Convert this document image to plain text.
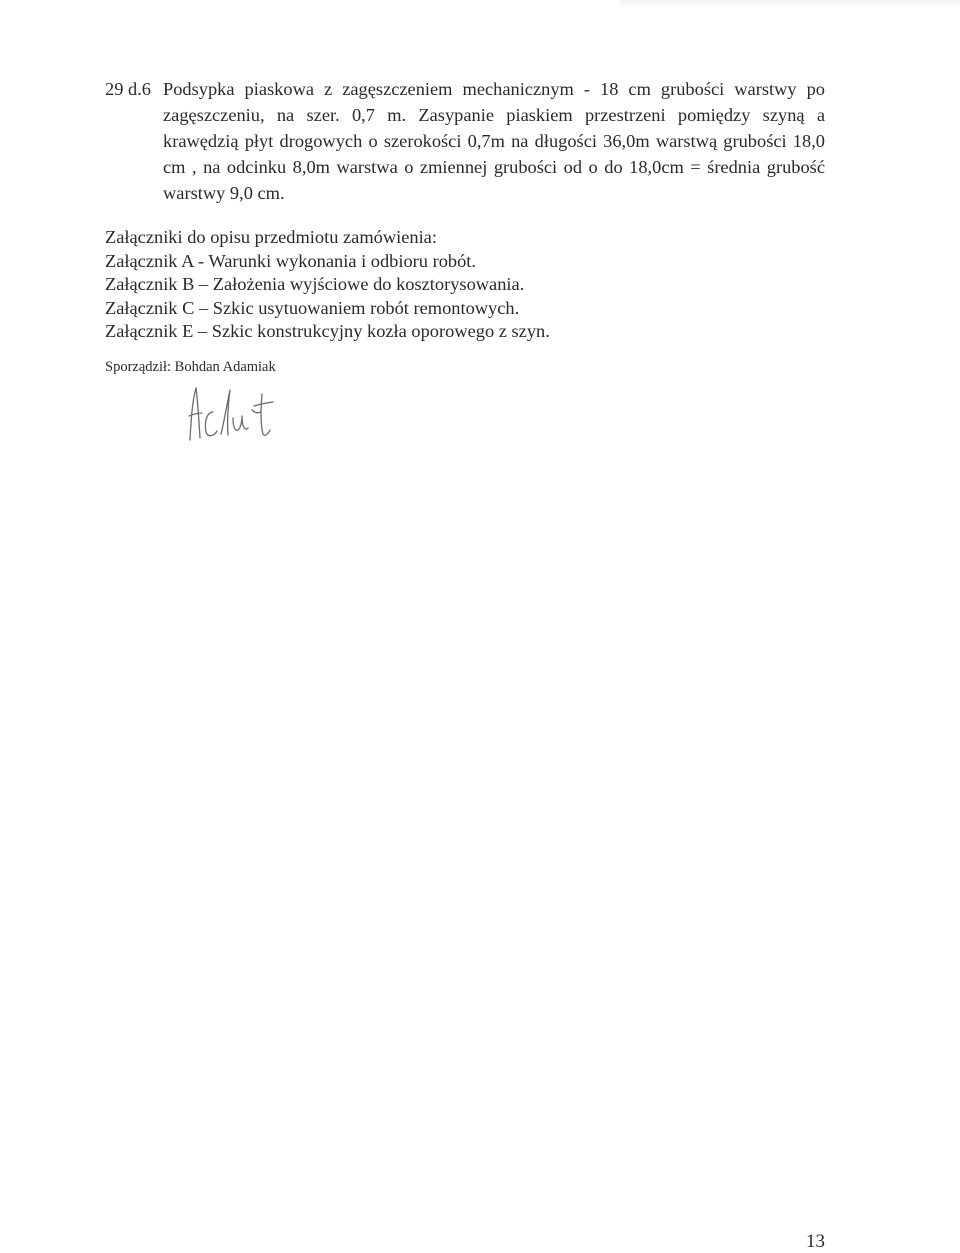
29 d.6 Podsypka piaskowa z zagęszczeniem mechanicznym - 18 cm grubości warstwy po zagęszczeniu, na szer. 0,7 m. Zasypanie piaskiem przestrzeni pomiędzy szyną a krawędzią płyt drogowych o szerokości 0,7m na długości 36,0m warstwą grubości 18,0 cm , na odcinku 8,0m warstwa o zmiennej grubości od o do 18,0cm = średnia grubość warstwy 9,0 cm.
Załączniki do opisu przedmiotu zamówienia:
Załącznik A - Warunki wykonania i odbioru robót.
Załącznik B – Założenia wyjściowe do kosztorysowania.
Załącznik C – Szkic usytuowaniem robót remontowych.
Załącznik E – Szkic konstrukcyjny kozła oporowego z szyn.
Sporządził: Bohdan Adamiak
13
